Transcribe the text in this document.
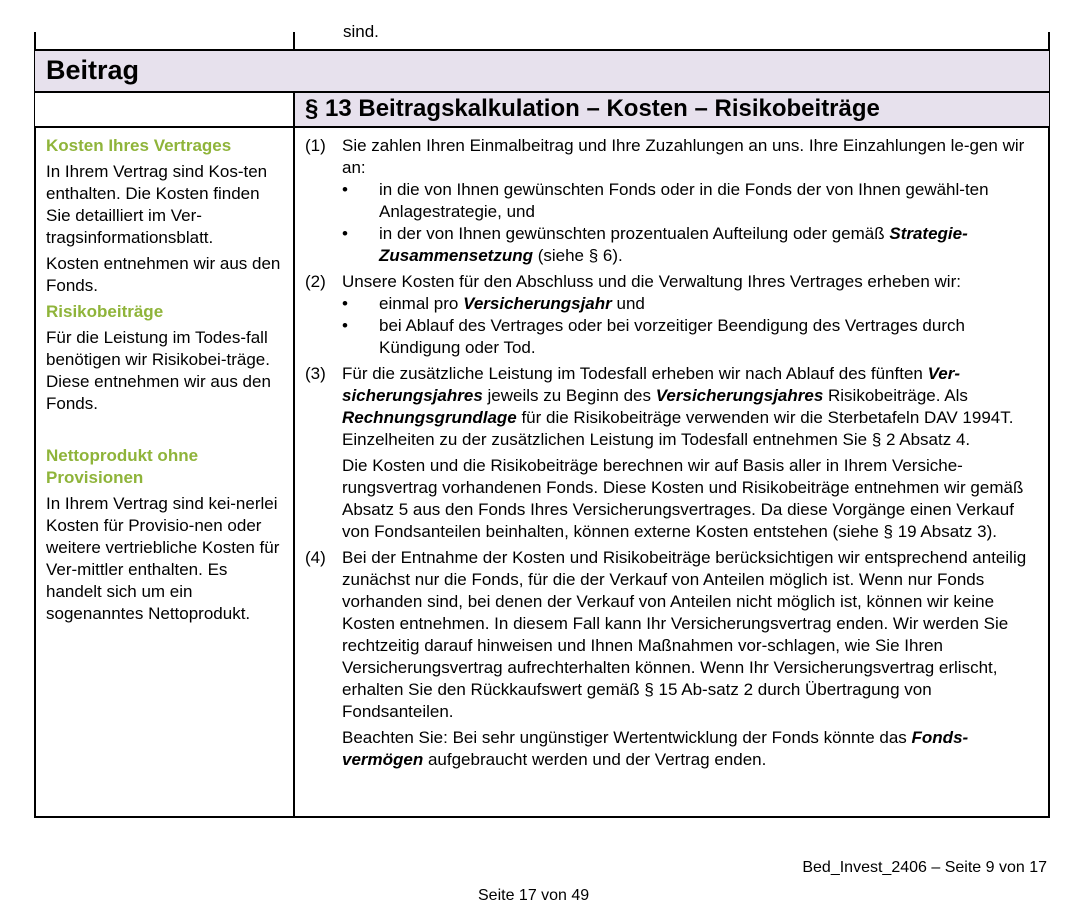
sind.
Beitrag
§ 13 Beitragskalkulation – Kosten – Risikobeiträge

Kosten Ihres Vertrages

In Ihrem Vertrag sind Kos-ten enthalten. Die Kosten finden Sie detailliert im Ver-tragsinformationsblatt.

Kosten entnehmen wir aus den Fonds.

Risikobeiträge

Für die Leistung im Todes-fall benötigen wir Risikobei-träge. Diese entnehmen wir aus den Fonds.

Nettoprodukt ohne Provisionen

In Ihrem Vertrag sind kei-nerlei Kosten für Provisio-nen oder weitere vertriebliche Kosten für Ver-mittler enthalten. Es handelt sich um ein sogenanntes Nettoprodukt.

(1) Sie zahlen Ihren Einmalbeitrag und Ihre Zuzahlungen an uns. Ihre Einzahlungen le-gen wir an:

• in die von Ihnen gewünschten Fonds oder in die Fonds der von Ihnen gewähl-ten Anlagestrategie, und
• in der von Ihnen gewünschten prozentualen Aufteilung oder gemäß Strategie-Zusammensetzung (siehe § 6).
(2) Unsere Kosten für den Abschluss und die Verwaltung Ihres Vertrages erheben wir:

• einmal pro Versicherungsjahr und
• bei Ablauf des Vertrages oder bei vorzeitiger Beendigung des Vertrages durch Kündigung oder Tod.
(3) Für die zusätzliche Leistung im Todesfall erheben wir nach Ablauf des fünften Ver-sicherungsjahres jeweils zu Beginn des Versicherungsjahres Risikobeiträge. Als Rechnungsgrundlage für die Risikobeiträge verwenden wir die Sterbetafeln DAV 1994T. Einzelheiten zu der zusätzlichen Leistung im Todesfall entnehmen Sie § 2 Absatz 4.

Die Kosten und die Risikobeiträge berechnen wir auf Basis aller in Ihrem Versiche-rungsvertrag vorhandenen Fonds. Diese Kosten und Risikobeiträge entnehmen wir gemäß Absatz 5 aus den Fonds Ihres Versicherungsvertrages. Da diese Vorgänge einen Verkauf von Fondsanteilen beinhalten, können externe Kosten entstehen (siehe § 19 Absatz 3).

(4) Bei der Entnahme der Kosten und Risikobeiträge berücksichtigen wir entsprechend anteilig zunächst nur die Fonds, für die der Verkauf von Anteilen möglich ist. Wenn nur Fonds vorhanden sind, bei denen der Verkauf von Anteilen nicht möglich ist, können wir keine Kosten entnehmen. In diesem Fall kann Ihr Versicherungsvertrag enden. Wir werden Sie rechtzeitig darauf hinweisen und Ihnen Maßnahmen vor-schlagen, wie Sie Ihren Versicherungsvertrag aufrechterhalten können. Wenn Ihr Versicherungsvertrag erlischt, erhalten Sie den Rückkaufswert gemäß § 15 Ab-satz 2 durch Übertragung von Fondsanteilen.

Beachten Sie: Bei sehr ungünstiger Wertentwicklung der Fonds könnte das Fonds-vermögen aufgebraucht werden und der Vertrag enden.

Bed_Invest_2406 – Seite 9 von 17
Seite 17 von 49
